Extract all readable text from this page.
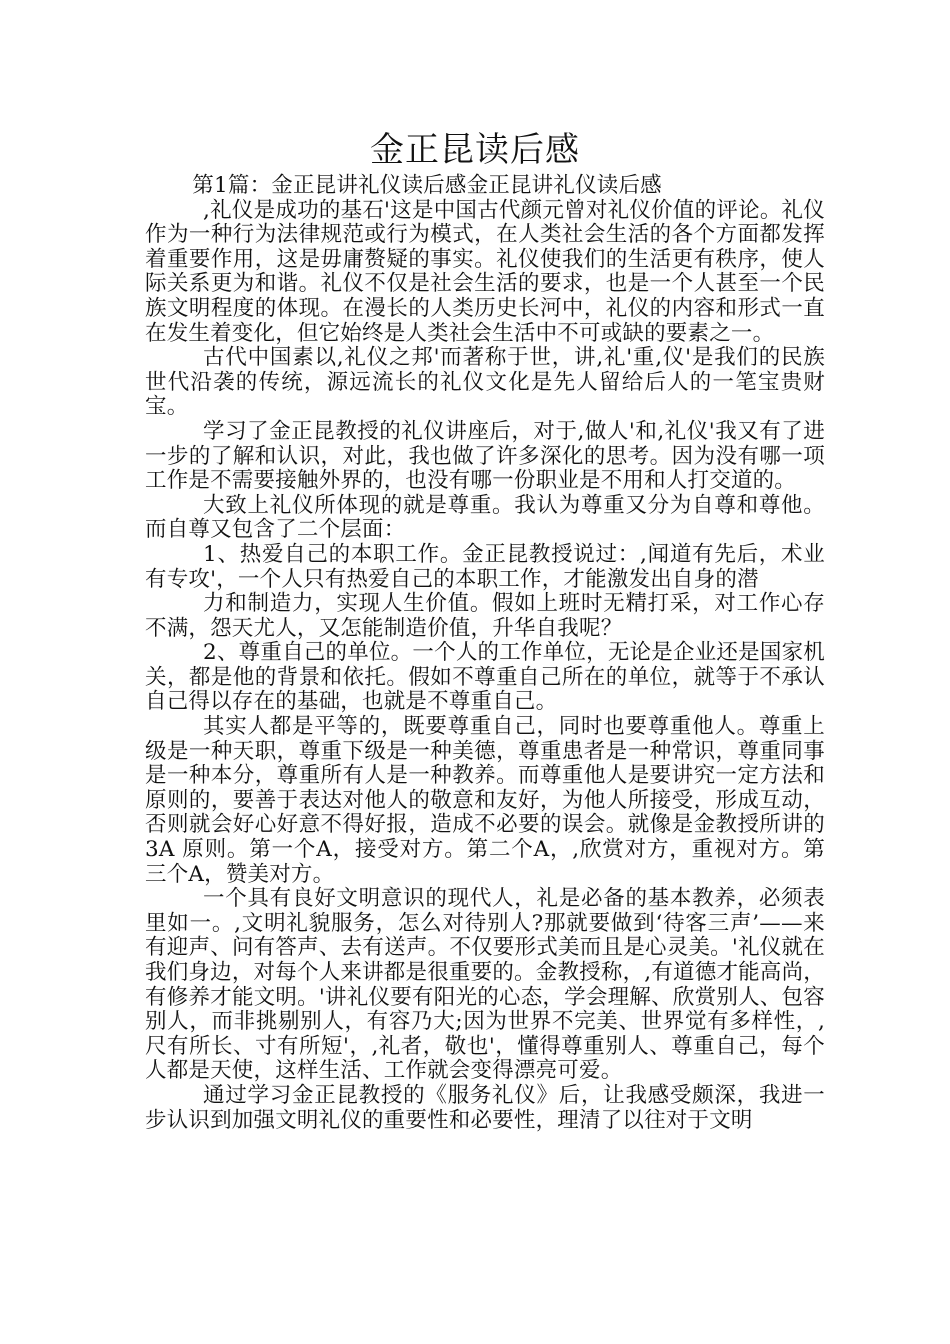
金正昆读后感

第1篇：金正昆讲礼仪读后感金正昆讲礼仪读后感

,礼仪是成功的基石'这是中国古代颜元曾对礼仪价值的评论。礼仪作为一种行为法律规范或行为模式，在人类社会生活的各个方面都发挥着重要作用，这是毋庸赘疑的事实。礼仪使我们的生活更有秩序，使人际关系更为和谐。礼仪不仅是社会生活的要求，也是一个人甚至一个民族文明程度的体现。在漫长的人类历史长河中，礼仪的内容和形式一直在发生着变化，但它始终是人类社会生活中不可或缺的要素之一。

古代中国素以,礼仪之邦'而著称于世，讲,礼'重,仪'是我们的民族世代沿袭的传统，源远流长的礼仪文化是先人留给后人的一笔宝贵财宝。

学习了金正昆教授的礼仪讲座后，对于,做人'和,礼仪'我又有了进一步的了解和认识，对此，我也做了许多深化的思考。因为没有哪一项工作是不需要接触外界的，也没有哪一份职业是不用和人打交道的。

大致上礼仪所体现的就是尊重。我认为尊重又分为自尊和尊他。而自尊又包含了二个层面：

1、热爱自己的本职工作。金正昆教授说过：,闻道有先后，术业有专攻'，一个人只有热爱自己的本职工作，才能激发出自身的潜

力和制造力，实现人生价值。假如上班时无精打采，对工作心存不满，怨天尤人，又怎能制造价值，升华自我呢？

2、尊重自己的单位。一个人的工作单位，无论是企业还是国家机关，都是他的背景和依托。假如不尊重自己所在的单位，就等于不承认自己得以存在的基础，也就是不尊重自己。

其实人都是平等的，既要尊重自己，同时也要尊重他人。尊重上级是一种天职，尊重下级是一种美德，尊重患者是一种常识，尊重同事是一种本分，尊重所有人是一种教养。而尊重他人是要讲究一定方法和原则的，要善于表达对他人的敬意和友好，为他人所接受，形成互动，否则就会好心好意不得好报，造成不必要的误会。就像是金教授所讲的3A 原则。第一个A，接受对方。第二个A，,欣赏对方，重视对方。第三个A，赞美对方。

一个具有良好文明意识的现代人，礼是必备的基本教养，必须表里如一。,文明礼貌服务，怎么对待别人?那就要做到‘待客三声’——来有迎声、问有答声、去有送声。不仅要形式美而且是心灵美。'礼仪就在我们身边，对每个人来讲都是很重要的。金教授称，,有道德才能高尚，有修养才能文明。'讲礼仪要有阳光的心态，学会理解、欣赏别人、包容别人，而非挑剔别人，有容乃大;因为世界不完美、世界觉有多样性，,尺有所长、寸有所短'，,礼者，敬也'，懂得尊重别人、尊重自己，每个人都是天使，这样生活、工作就会变得漂亮可爱。

通过学习金正昆教授的《服务礼仪》后，让我感受颇深，我进一步认识到加强文明礼仪的重要性和必要性，理清了以往对于文明
